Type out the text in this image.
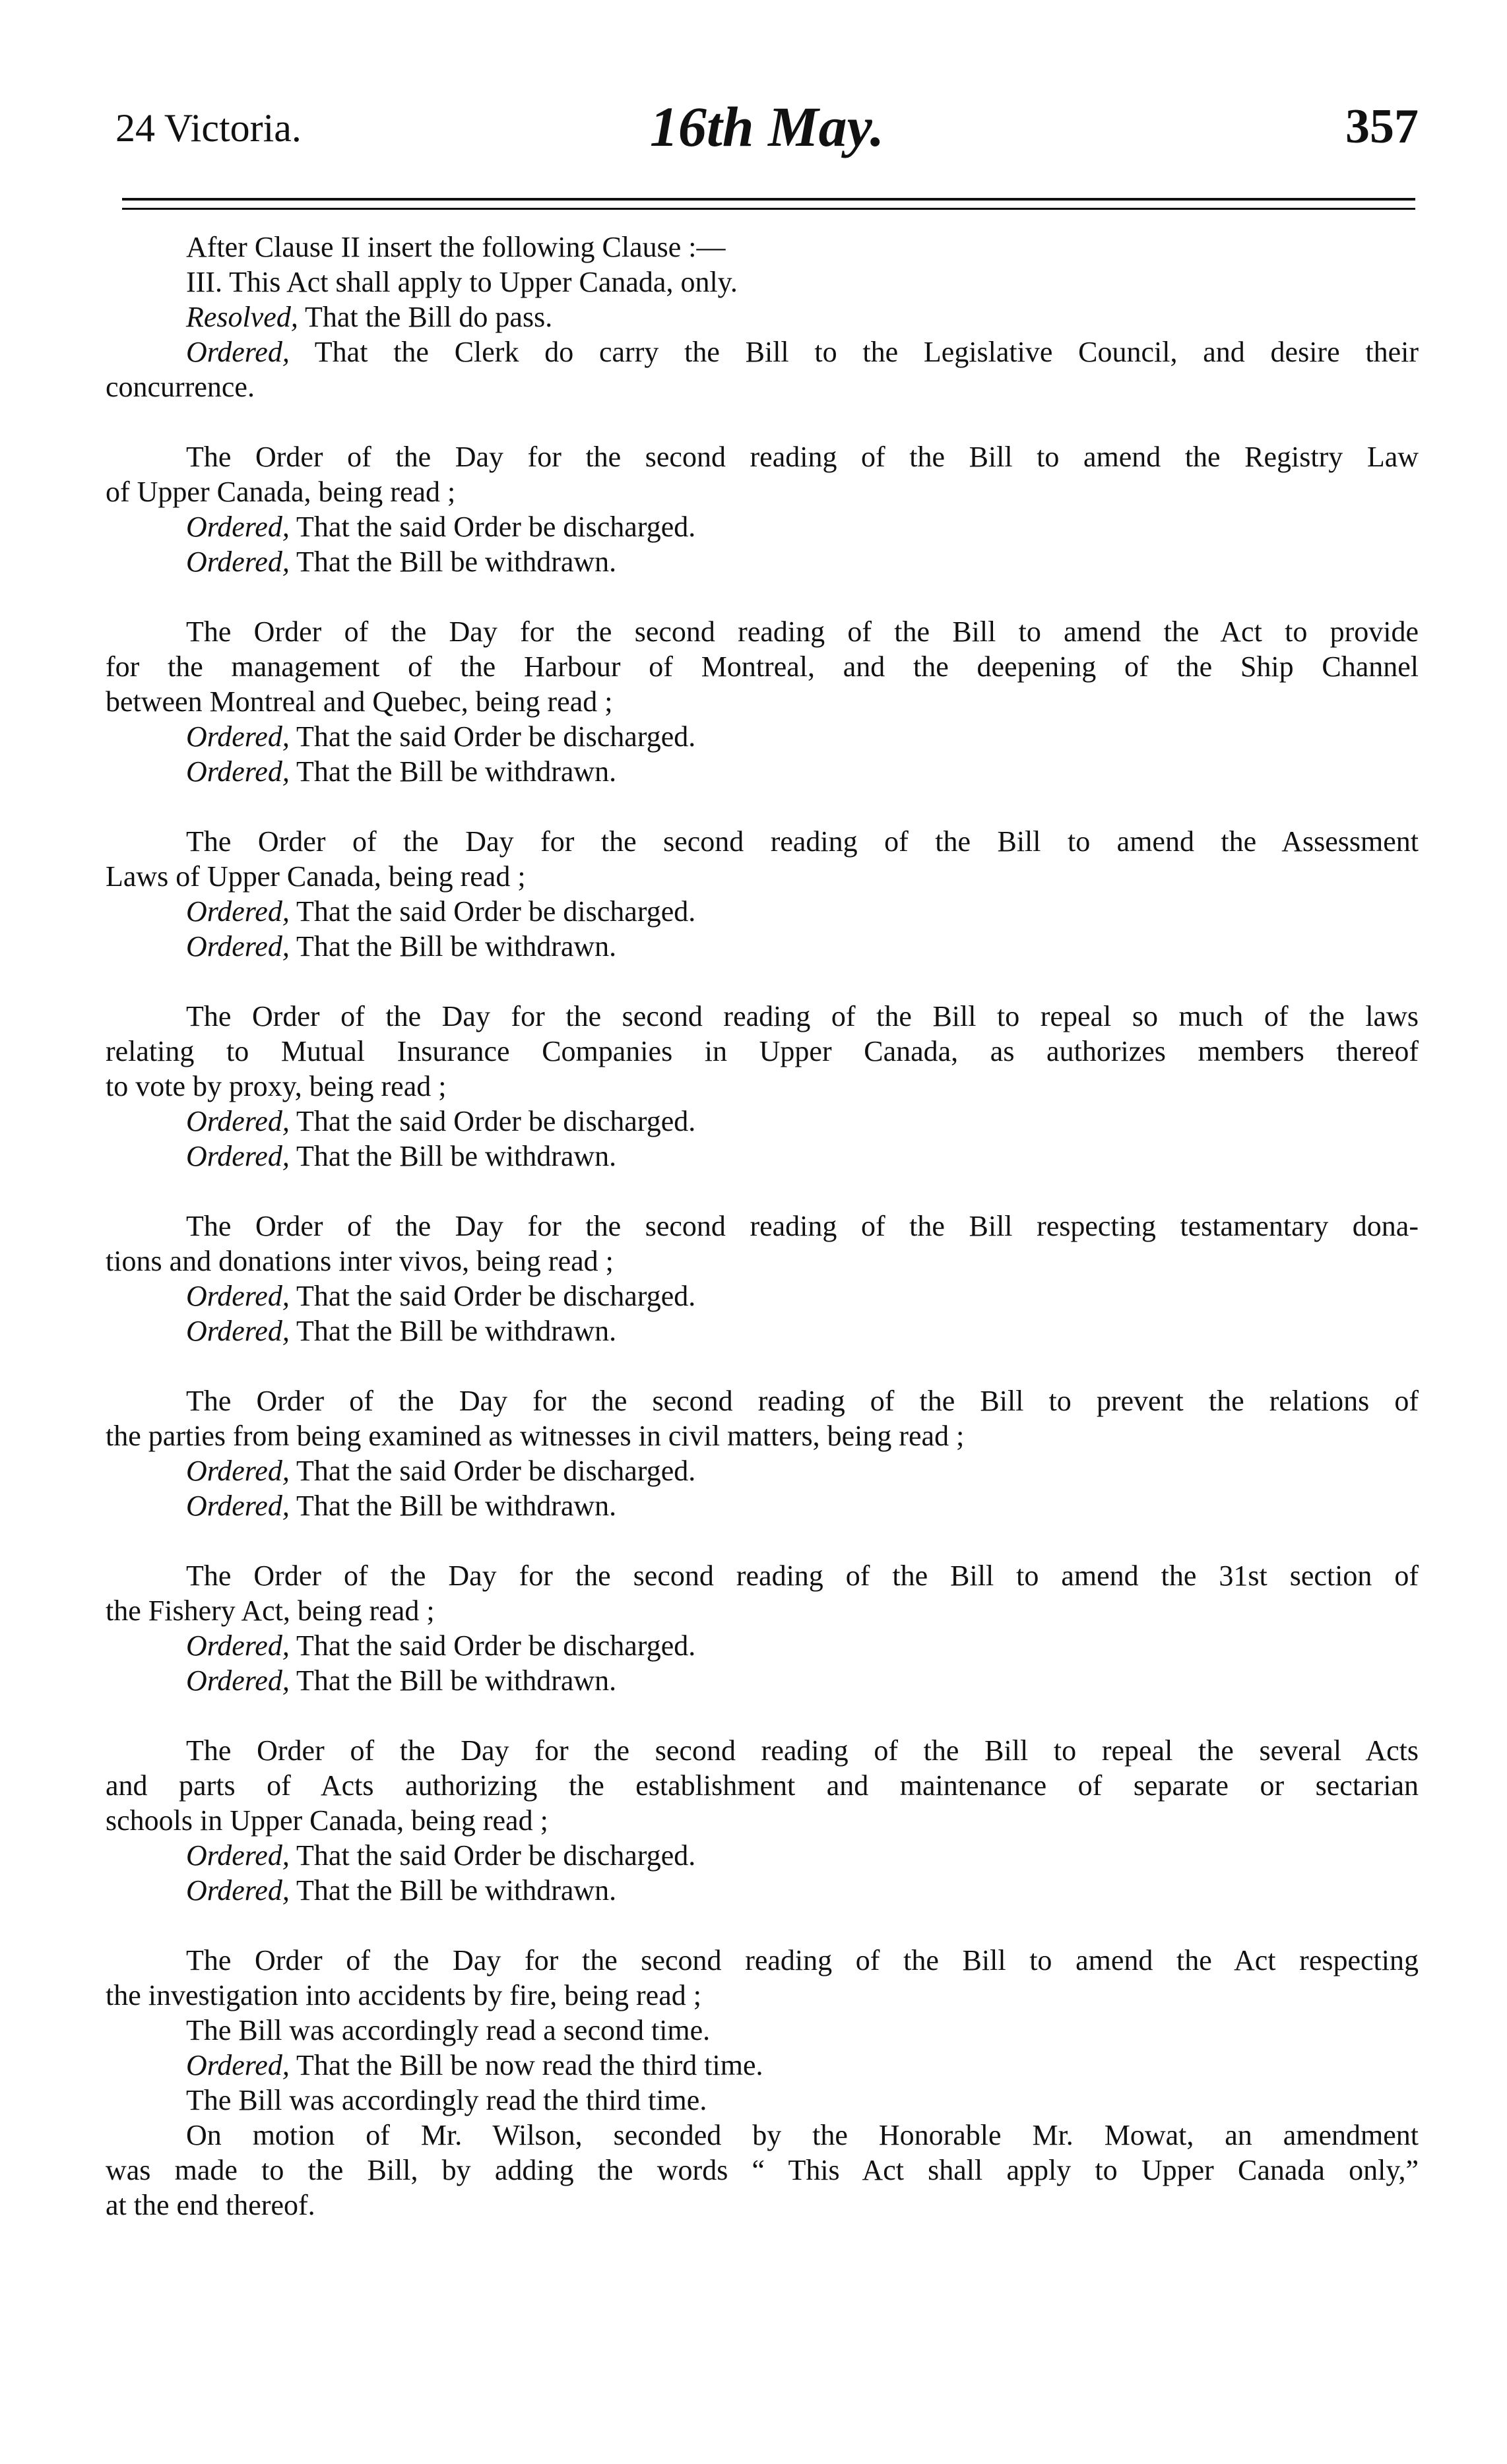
24 Victoria.	16th May.	357
After Clause II insert the following Clause :—
III. This Act shall apply to Upper Canada, only.
Resolved, That the Bill do pass.
Ordered, That the Clerk do carry the Bill to the Legislative Council, and desire their
concurrence.
The Order of the Day for the second reading of the Bill to amend the Registry Law
of Upper Canada, being read ;
Ordered, That the said Order be discharged.
Ordered, That the Bill be withdrawn.
The Order of the Day for the second reading of the Bill to amend the Act to provide
for the management of the Harbour of Montreal, and the deepening of the Ship Channel
between Montreal and Quebec, being read ;
Ordered, That the said Order be discharged.
Ordered, That the Bill be withdrawn.
The Order of the Day for the second reading of the Bill to amend the Assessment
Laws of Upper Canada, being read ;
Ordered, That the said Order be discharged.
Ordered, That the Bill be withdrawn.
The Order of the Day for the second reading of the Bill to repeal so much of the laws
relating to Mutual Insurance Companies in Upper Canada, as authorizes members thereof
to vote by proxy, being read ;
Ordered, That the said Order be discharged.
Ordered, That the Bill be withdrawn.
The Order of the Day for the second reading of the Bill respecting testamentary dona-
tions and donations inter vivos, being read ;
Ordered, That the said Order be discharged.
Ordered, That the Bill be withdrawn.
The Order of the Day for the second reading of the Bill to prevent the relations of
the parties from being examined as witnesses in civil matters, being read ;
Ordered, That the said Order be discharged.
Ordered, That the Bill be withdrawn.
The Order of the Day for the second reading of the Bill to amend the 31st section of
the Fishery Act, being read ;
Ordered, That the said Order be discharged.
Ordered, That the Bill be withdrawn.
The Order of the Day for the second reading of the Bill to repeal the several Acts
and parts of Acts authorizing the establishment and maintenance of separate or sectarian
schools in Upper Canada, being read ;
Ordered, That the said Order be discharged.
Ordered, That the Bill be withdrawn.
The Order of the Day for the second reading of the Bill to amend the Act respecting
the investigation into accidents by fire, being read ;
The Bill was accordingly read a second time.
Ordered, That the Bill be now read the third time.
The Bill was accordingly read the third time.
On motion of Mr. Wilson, seconded by the Honorable Mr. Mowat, an amendment
was made to the Bill, by adding the words “ This Act shall apply to Upper Canada only,”
at the end thereof.
